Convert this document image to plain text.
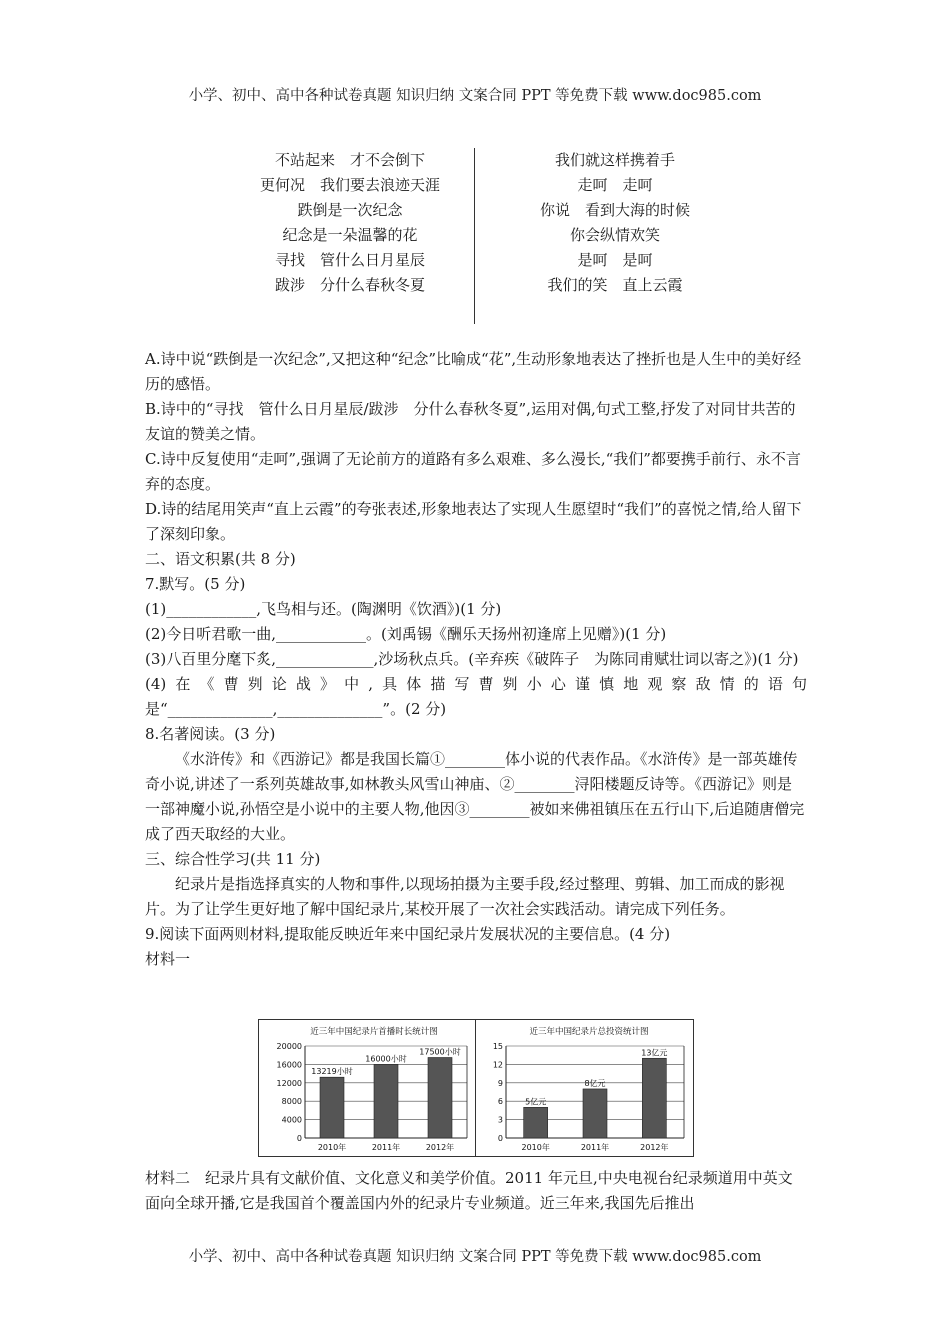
小学、初中、高中各种试卷真题 知识归纳 文案合同 PPT 等免费下载 www.doc985.com
不站起来　才不会倒下
更何况　我们要去浪迹天涯
跌倒是一次纪念
纪念是一朵温馨的花
寻找　管什么日月星辰
跋涉　分什么春秋冬夏
我们就这样携着手
走呵　走呵
你说　看到大海的时候
你会纵情欢笑
是呵　是呵
我们的笑　直上云霞

A.诗中说“跌倒是一次纪念”,又把这种“纪念”比喻成“花”,生动形象地表达了挫折也是人生中的美好经历的感悟。

B.诗中的“寻找　管什么日月星辰/跋涉　分什么春秋冬夏”,运用对偶,句式工整,抒发了对同甘共苦的友谊的赞美之情。

C.诗中反复使用“走呵”,强调了无论前方的道路有多么艰难、多么漫长,“我们”都要携手前行、永不言弃的态度。

D.诗的结尾用笑声“直上云霞”的夸张表述,形象地表达了实现人生愿望时“我们”的喜悦之情,给人留下了深刻印象。

二、语文积累(共 8 分)

7.默写。(5 分)

(1)____________,飞鸟相与还。(陶渊明《饮酒》)(1 分)

(2)今日听君歌一曲,____________。(刘禹锡《酬乐天扬州初逢席上见赠》)(1 分)

(3)八百里分麾下炙,_____________,沙场秋点兵。(辛弃疾《破阵子　为陈同甫赋壮词以寄之》)(1 分)

(4)在《曹刿论战》中,具体描写曹刿小心谨慎地观察敌情的语句是“______________,______________”。(2 分)

8.名著阅读。(3 分)

《水浒传》和《西游记》都是我国长篇①________体小说的代表作品。《水浒传》是一部英雄传奇小说,讲述了一系列英雄故事,如林教头风雪山神庙、②________浔阳楼题反诗等。《西游记》则是一部神魔小说,孙悟空是小说中的主要人物,他因③________被如来佛祖镇压在五行山下,后追随唐僧完成了西天取经的大业。

三、综合性学习(共 11 分)

纪录片是指选择真实的人物和事件,以现场拍摄为主要手段,经过整理、剪辑、加工而成的影视片。为了让学生更好地了解中国纪录片,某校开展了一次社会实践活动。请完成下列任务。

9.阅读下面两则材料,提取能反映近年来中国纪录片发展状况的主要信息。(4 分)

材料一

近三年中国纪录片首播时长统计图
0
4000
8000
12000
16000
20000
13219小时
2010年
16000小时
2011年
17500小时
2012年
近三年中国纪录片总投资统计图
0
3
6
9
12
15
5亿元
2010年
8亿元
2011年
13亿元
2012年

材料二　纪录片具有文献价值、文化意义和美学价值。2011 年元旦,中央电视台纪录频道用中英文面向全球开播,它是我国首个覆盖国内外的纪录片专业频道。近三年来,我国先后推出

小学、初中、高中各种试卷真题 知识归纳 文案合同 PPT 等免费下载 www.doc985.com
